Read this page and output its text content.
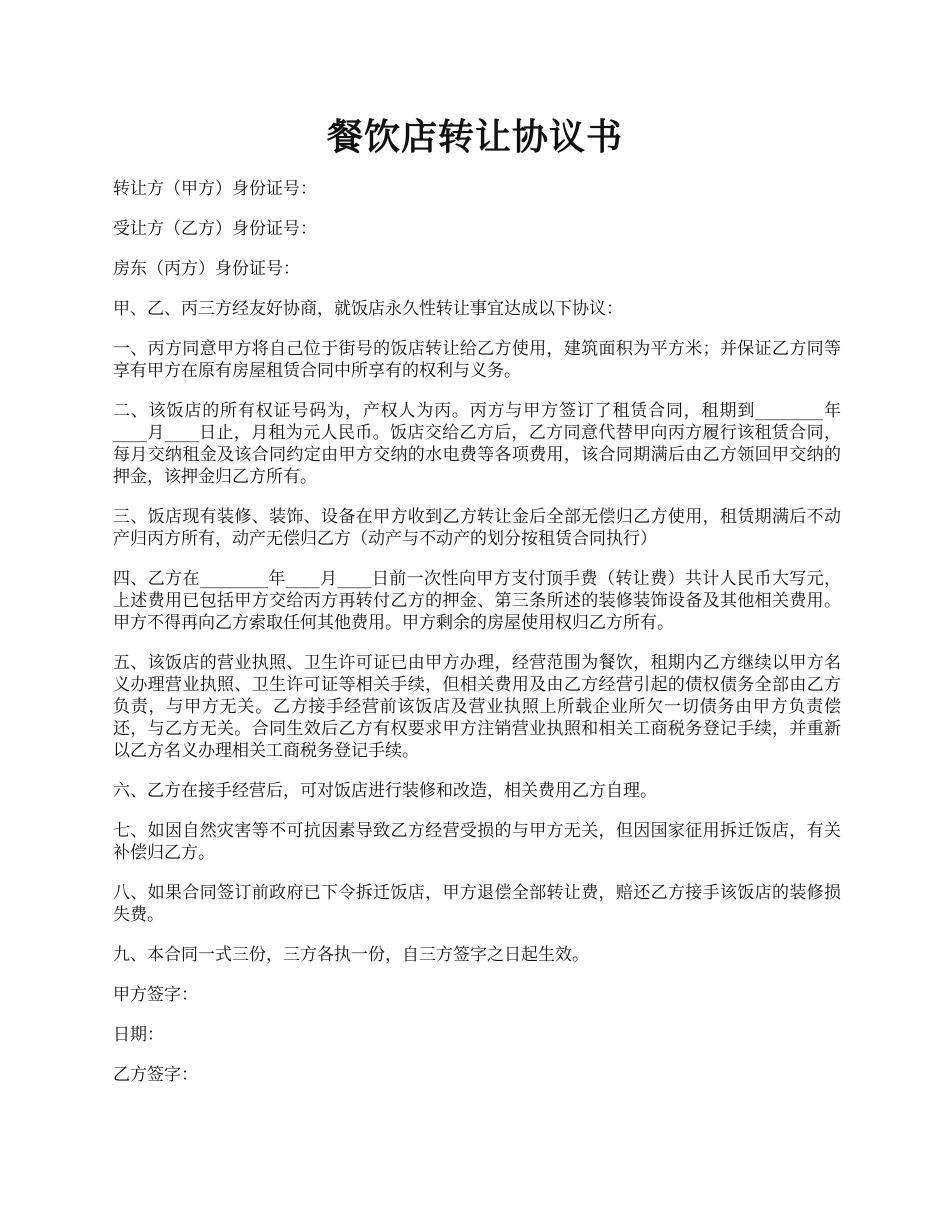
餐饮店转让协议书

转让方（甲方）身份证号：

受让方（乙方）身份证号：

房东（丙方）身份证号：

甲、乙、丙三方经友好协商，就饭店永久性转让事宜达成以下协议：

一、丙方同意甲方将自己位于街号的饭店转让给乙方使用，建筑面积为平方米；并保证乙方同等享有甲方在原有房屋租赁合同中所享有的权利与义务。

二、该饭店的所有权证号码为，产权人为丙。丙方与甲方签订了租赁合同，租期到________年____月____日止，月租为元人民币。饭店交给乙方后，乙方同意代替甲向丙方履行该租赁合同，每月交纳租金及该合同约定由甲方交纳的水电费等各项费用，该合同期满后由乙方领回甲交纳的押金，该押金归乙方所有。

三、饭店现有装修、装饰、设备在甲方收到乙方转让金后全部无偿归乙方使用，租赁期满后不动产归丙方所有，动产无偿归乙方（动产与不动产的划分按租赁合同执行）

四、乙方在________年____月____日前一次性向甲方支付顶手费（转让费）共计人民币大写元，上述费用已包括甲方交给丙方再转付乙方的押金、第三条所述的装修装饰设备及其他相关费用。甲方不得再向乙方索取任何其他费用。甲方剩余的房屋使用权归乙方所有。

五、该饭店的营业执照、卫生许可证已由甲方办理，经营范围为餐饮，租期内乙方继续以甲方名义办理营业执照、卫生许可证等相关手续，但相关费用及由乙方经营引起的债权债务全部由乙方负责，与甲方无关。乙方接手经营前该饭店及营业执照上所载企业所欠一切债务由甲方负责偿还，与乙方无关。合同生效后乙方有权要求甲方注销营业执照和相关工商税务登记手续，并重新以乙方名义办理相关工商税务登记手续。

六、乙方在接手经营后，可对饭店进行装修和改造，相关费用乙方自理。

七、如因自然灾害等不可抗因素导致乙方经营受损的与甲方无关，但因国家征用拆迁饭店，有关补偿归乙方。

八、如果合同签订前政府已下令拆迁饭店，甲方退偿全部转让费，赔还乙方接手该饭店的装修损失费。

九、本合同一式三份，三方各执一份，自三方签字之日起生效。

甲方签字：

日期：

乙方签字：
